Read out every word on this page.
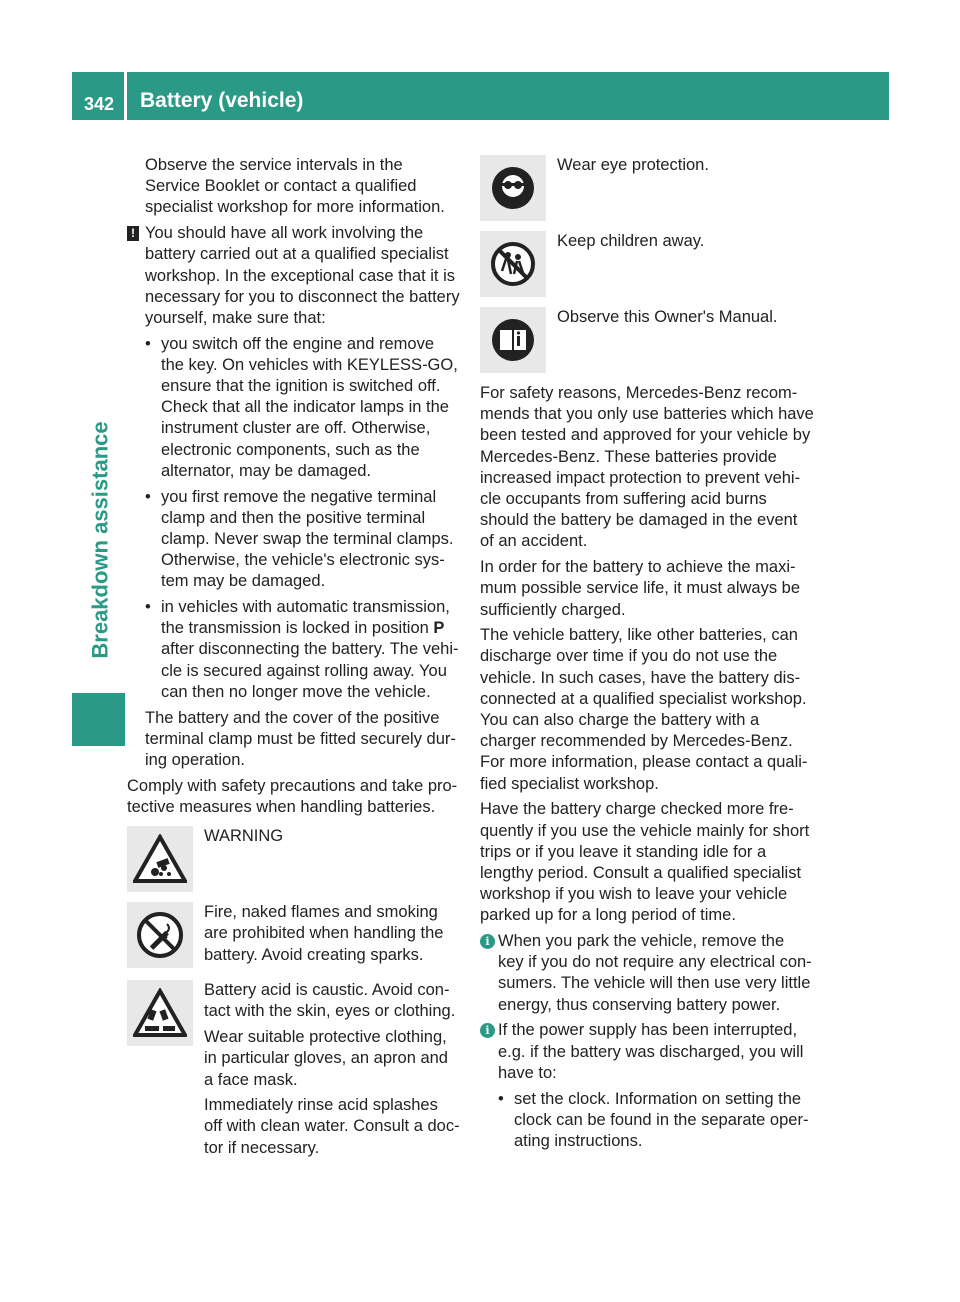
342 Battery (vehicle)
Breakdown assistance

Observe the service intervals in the Service Booklet or contact a qualified specialist workshop for more information.

! You should have all work involving the battery carried out at a qualified specialist workshop. In the exceptional case that it is necessary for you to disconnect the battery yourself, make sure that:
• you switch off the engine and remove the key. On vehicles with KEYLESS-GO, ensure that the ignition is switched off. Check that all the indicator lamps in the instrument cluster are off. Otherwise, electronic components, such as the alternator, may be damaged.
• you first remove the negative terminal clamp and then the positive terminal clamp. Never swap the terminal clamps. Otherwise, the vehicle's electronic sys-tem may be damaged.
• in vehicles with automatic transmission, the transmission is locked in position P after disconnecting the battery. The vehi-cle is secured against rolling away. You can then no longer move the vehicle.

The battery and the cover of the positive terminal clamp must be fitted securely dur-ing operation.

Comply with safety precautions and take pro-tective measures when handling batteries.

WARNING

Fire, naked flames and smoking are prohibited when handling the battery. Avoid creating sparks.

Battery acid is caustic. Avoid con-tact with the skin, eyes or clothing.

Wear suitable protective clothing, in particular gloves, an apron and a face mask.

Immediately rinse acid splashes off with clean water. Consult a doc-tor if necessary.

Wear eye protection.

Keep children away.

Observe this Owner's Manual.

For safety reasons, Mercedes-Benz recom-mends that you only use batteries which have been tested and approved for your vehicle by Mercedes-Benz. These batteries provide increased impact protection to prevent vehi-cle occupants from suffering acid burns should the battery be damaged in the event of an accident.

In order for the battery to achieve the maxi-mum possible service life, it must always be sufficiently charged.

The vehicle battery, like other batteries, can discharge over time if you do not use the vehicle. In such cases, have the battery dis-connected at a qualified specialist workshop. You can also charge the battery with a charger recommended by Mercedes-Benz. For more information, please contact a quali-fied specialist workshop.

Have the battery charge checked more fre-quently if you use the vehicle mainly for short trips or if you leave it standing idle for a lengthy period. Consult a qualified specialist workshop if you wish to leave your vehicle parked up for a long period of time.

i When you park the vehicle, remove the key if you do not require any electrical con-sumers. The vehicle will then use very little energy, thus conserving battery power.
i If the power supply has been interrupted, e.g. if the battery was discharged, you will have to:
• set the clock. Information on setting the clock can be found in the separate oper-ating instructions.
